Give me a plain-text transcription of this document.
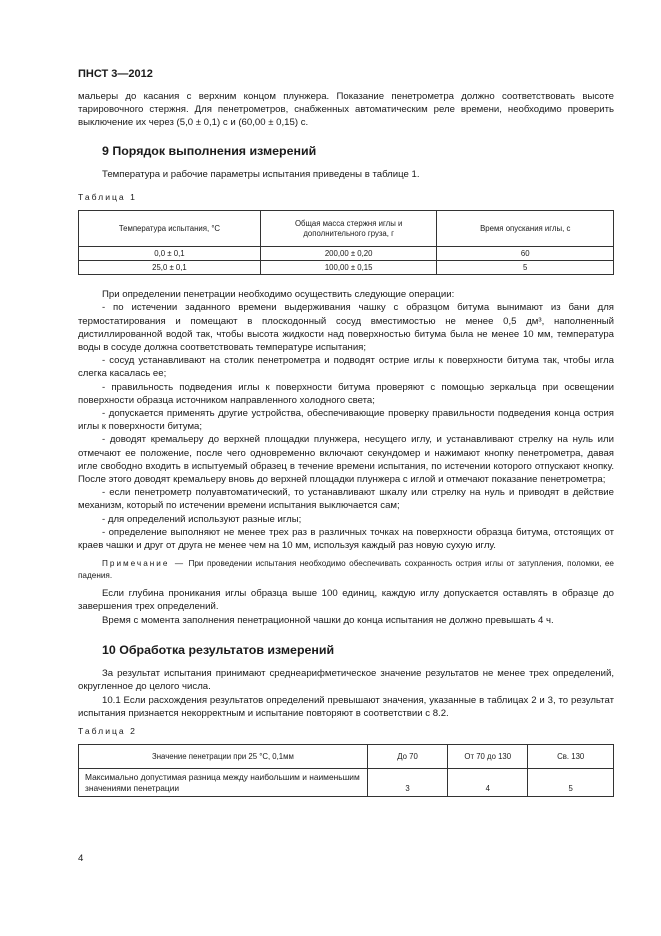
ПНСТ 3—2012

мальеры до касания с верхним концом плунжера. Показание пенетрометра должно соответствовать высоте тарировочного стержня. Для пенетрометров, снабженных автоматическим реле времени, необходимо проверить выключение их через (5,0 ± 0,1) с и (60,00 ± 0,15) с.

9 Порядок выполнения измерений

Температура и рабочие параметры испытания приведены в таблице 1.

Таблица 1

Температура испытания, °С	Общая масса стержня иглы и дополнительного груза, г	Время опускания иглы, с
0,0 ± 0,1	200,00 ± 0,20	60
25,0 ± 0,1	100,00 ± 0,15	5

При определении пенетрации необходимо осуществить следующие операции:

- по истечении заданного времени выдерживания чашку с образцом битума вынимают из бани для термостатирования и помещают в плоскодонный сосуд вместимостью не менее 0,5 дм³, наполненный дистиллированной водой так, чтобы высота жидкости над поверхностью битума была не менее 10 мм, температура воды в сосуде должна соответствовать температуре испытания;

- сосуд устанавливают на столик пенетрометра и подводят острие иглы к поверхности битума так, чтобы игла слегка касалась ее;

- правильность подведения иглы к поверхности битума проверяют с помощью зеркальца при освещении поверхности образца источником направленного холодного света;

- допускается применять другие устройства, обеспечивающие проверку правильности подведения конца острия иглы к поверхности битума;

- доводят кремальеру до верхней площадки плунжера, несущего иглу, и устанавливают стрелку на нуль или отмечают ее положение, после чего одновременно включают секундомер и нажимают кнопку пенетрометра, давая игле свободно входить в испытуемый образец в течение времени испытания, по истечении которого отпускают кнопку. После этого доводят кремальеру вновь до верхней площадки плунжера с иглой и отмечают показание пенетрометра;

- если пенетрометр полуавтоматический, то устанавливают шкалу или стрелку на нуль и приводят в действие механизм, который по истечении времени испытания выключается сам;

- для определений используют разные иглы;

- определение выполняют не менее трех раз в различных точках на поверхности образца битума, отстоящих от краев чашки и друг от друга не менее чем на 10 мм, используя каждый раз новую сухую иглу.

Примечание — При проведении испытания необходимо обеспечивать сохранность острия иглы от затупления, поломки, ее падения.

Если глубина проникания иглы образца выше 100 единиц, каждую иглу допускается оставлять в образце до завершения трех определений.

Время с момента заполнения пенетрационной чашки до конца испытания не должно превышать 4 ч.

10 Обработка результатов измерений

За результат испытания принимают среднеарифметическое значение результатов не менее трех определений, округленное до целого числа.

10.1 Если расхождения результатов определений превышают значения, указанные в таблицах 2 и 3, то результат испытания признается некорректным и испытание повторяют в соответствии с 8.2.

Таблица 2

Значение пенетрации при 25 °С, 0,1мм	До 70	От 70 до 130	Св. 130
Максимально допустимая разница между наибольшим и наименьшим значениями пенетрации	3	4	5
4
